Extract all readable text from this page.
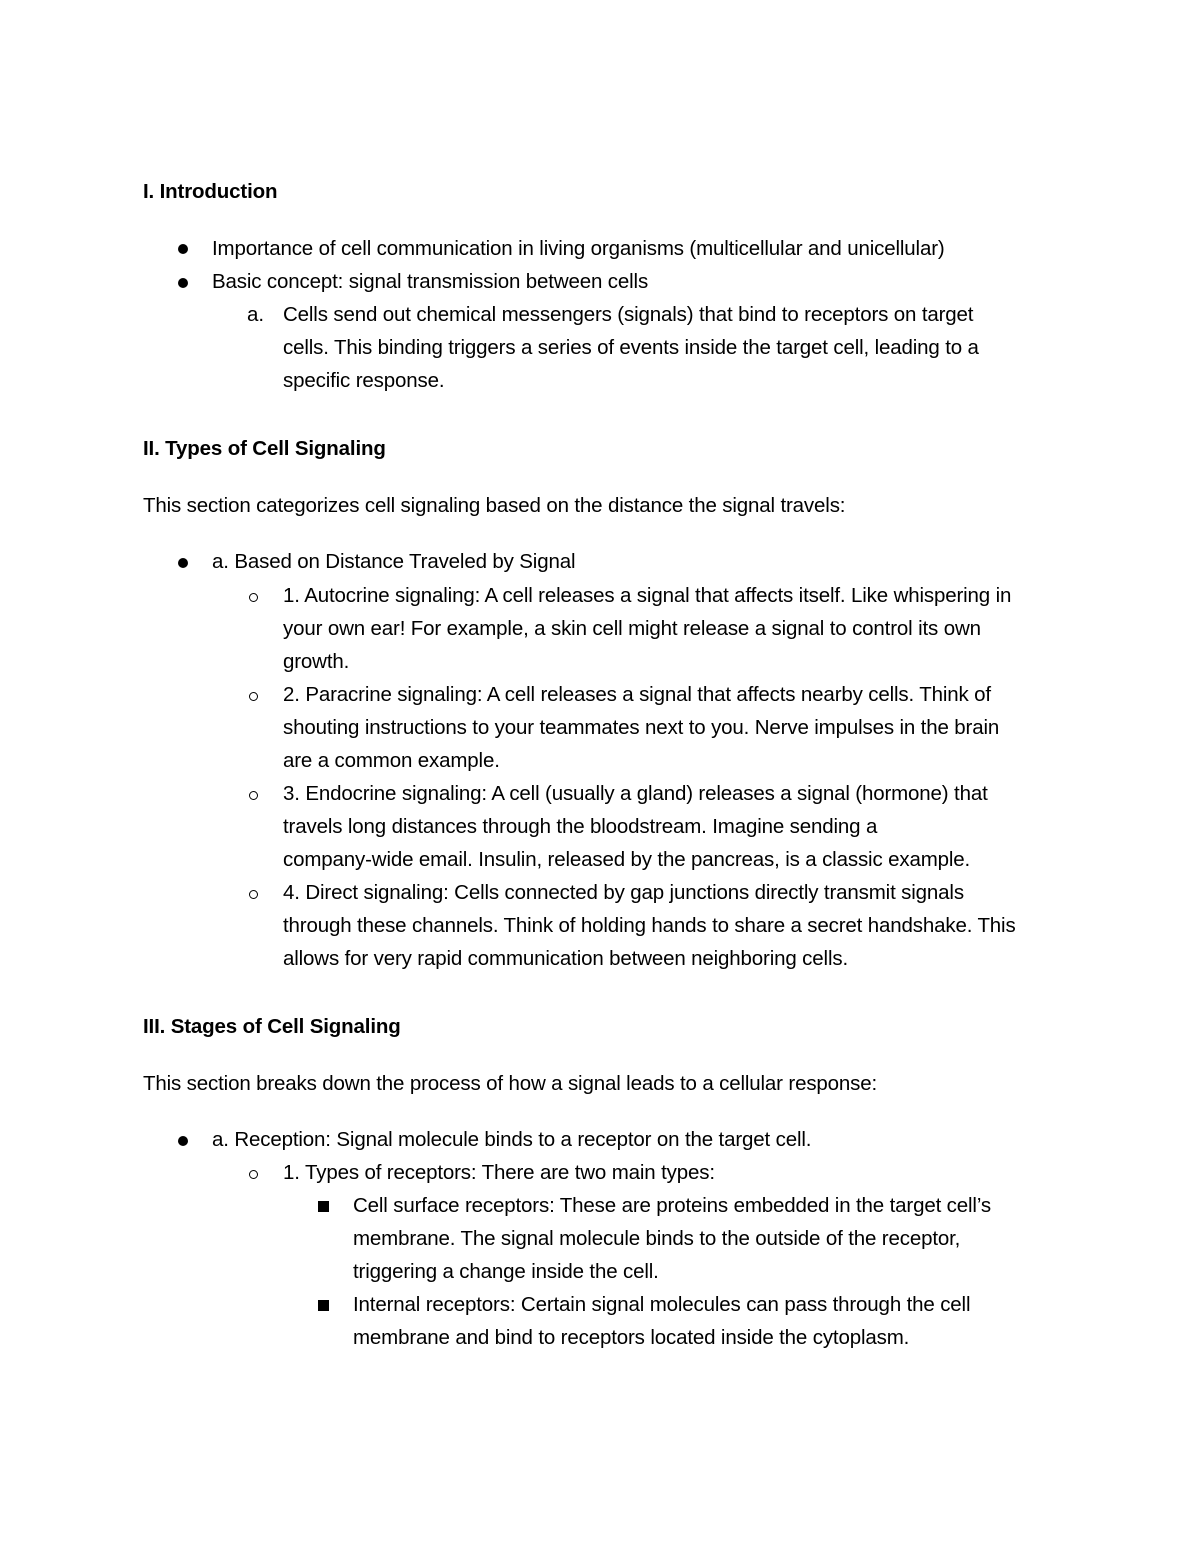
I. Introduction
Importance of cell communication in living organisms (multicellular and unicellular)
Basic concept: signal transmission between cells
a. Cells send out chemical messengers (signals) that bind to receptors on target
cells. This binding triggers a series of events inside the target cell, leading to a
specific response.
II. Types of Cell Signaling
This section categorizes cell signaling based on the distance the signal travels:
a. Based on Distance Traveled by Signal
1. Autocrine signaling: A cell releases a signal that affects itself. Like whispering in
your own ear! For example, a skin cell might release a signal to control its own
growth.
2. Paracrine signaling: A cell releases a signal that affects nearby cells. Think of
shouting instructions to your teammates next to you. Nerve impulses in the brain
are a common example.
3. Endocrine signaling: A cell (usually a gland) releases a signal (hormone) that
travels long distances through the bloodstream. Imagine sending a
company-wide email. Insulin, released by the pancreas, is a classic example.
4. Direct signaling: Cells connected by gap junctions directly transmit signals
through these channels. Think of holding hands to share a secret handshake. This
allows for very rapid communication between neighboring cells.
III. Stages of Cell Signaling
This section breaks down the process of how a signal leads to a cellular response:
a. Reception: Signal molecule binds to a receptor on the target cell.
1. Types of receptors: There are two main types:
Cell surface receptors: These are proteins embedded in the target cell’s
membrane. The signal molecule binds to the outside of the receptor,
triggering a change inside the cell.
Internal receptors: Certain signal molecules can pass through the cell
membrane and bind to receptors located inside the cytoplasm.
